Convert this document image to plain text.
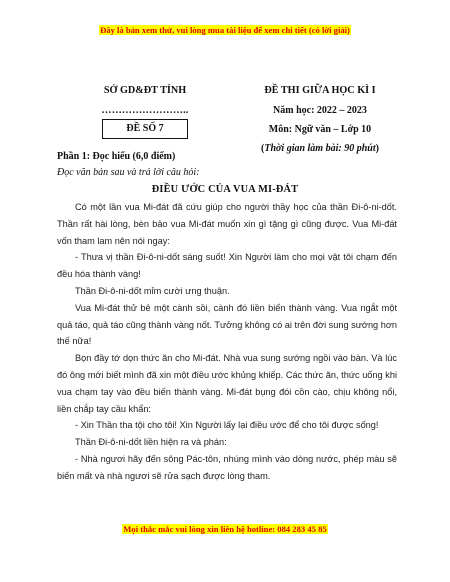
Đây là bản xem thử, vui lòng mua tài liệu để xem chi tiết (có lời giải)
SỞ GD&ĐT TỈNH
……………………..
ĐỀ SỐ 7
ĐỀ THI GIỮA HỌC KÌ I
Năm học: 2022 – 2023
Môn: Ngữ văn – Lớp 10
(Thời gian làm bài: 90 phút)
Phần 1: Đọc hiểu (6,0 điểm)
Đọc văn bản sau và trả lời câu hỏi:
ĐIỀU ƯỚC CỦA VUA MI-ĐÁT

Có một lần vua Mi-đát đã cứu giúp cho người thầy học của thần Đi-ô-ni-dốt. Thần rất hài lòng, bèn bảo vua Mi-đát muốn xin gì tặng gì cũng được. Vua Mi-đát vốn tham lam nên nói ngay:

- Thưa vị thần Đi-ô-ni-dốt sáng suốt! Xin Người làm cho mọi vật tôi chạm đến đều hóa thành vàng!

Thần Đi-ô-ni-dốt mỉm cười ưng thuận.

Vua Mi-đát thử bẻ một cành sồi, cành đó liền biến thành vàng. Vua ngắt một quả táo, quả táo cũng thành vàng nốt. Tưởng không có ai trên đời sung sướng hơn thế nữa!

Bọn đầy tớ dọn thức ăn cho Mi-đát. Nhà vua sung sướng ngồi vào bàn. Và lúc đó ông mới biết mình đã xin một điều ước khủng khiếp. Các thức ăn, thức uống khi vua chạm tay vào đều biến thành vàng. Mi-đát bụng đói cồn cào, chịu không nổi, liền chắp tay cầu khẩn:

- Xin Thần tha tội cho tôi! Xin Người lấy lại điều ước để cho tôi được sống!

Thần Đi-ô-ni-dốt liền hiện ra và phán:

- Nhà ngươi hãy đến sông Pác-tôn, nhúng mình vào dòng nước, phép màu sẽ biến mất và nhà ngươi sẽ rửa sạch được lòng tham.

Mọi thắc mắc vui lòng xin liên hệ hotline: 084 283 45 85
